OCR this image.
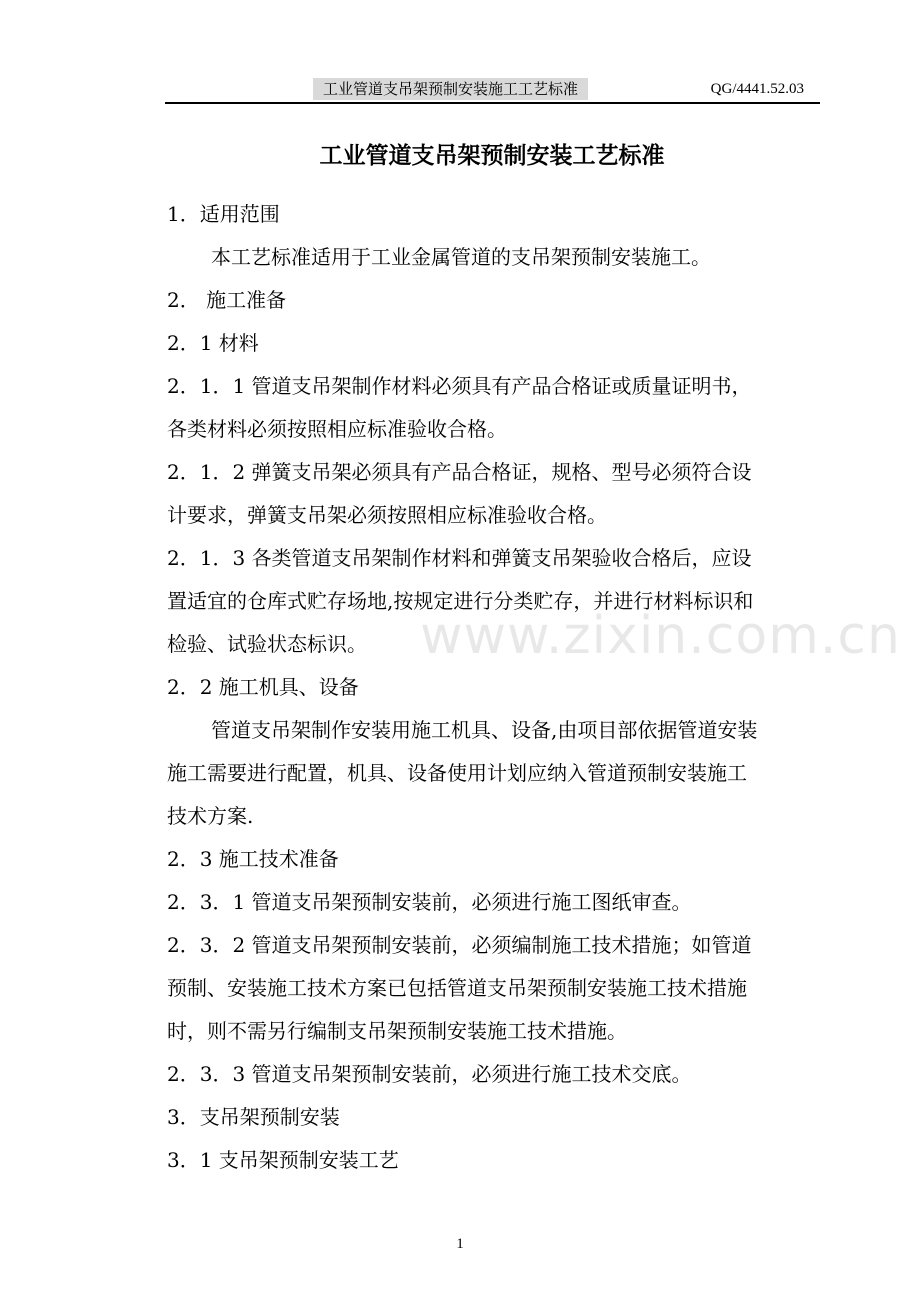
工业管道支吊架预制安装施工工艺标准	QG/4441.52.03
工业管道支吊架预制安装工艺标准

1．适用范围

本工艺标准适用于工业金属管道的支吊架预制安装施工。

2． 施工准备

2．1 材料

2．1．1 管道支吊架制作材料必须具有产品合格证或质量证明书，

各类材料必须按照相应标准验收合格。

2．1．2 弹簧支吊架必须具有产品合格证，规格、型号必须符合设

计要求，弹簧支吊架必须按照相应标准验收合格。

2．1．3 各类管道支吊架制作材料和弹簧支吊架验收合格后，应设

置适宜的仓库式贮存场地,按规定进行分类贮存，并进行材料标识和

检验、试验状态标识。

2．2 施工机具、设备

管道支吊架制作安装用施工机具、设备,由项目部依据管道安装

施工需要进行配置，机具、设备使用计划应纳入管道预制安装施工

技术方案.

2．3 施工技术准备

2．3．1 管道支吊架预制安装前，必须进行施工图纸审查。

2．3．2 管道支吊架预制安装前，必须编制施工技术措施；如管道

预制、安装施工技术方案已包括管道支吊架预制安装施工技术措施

时，则不需另行编制支吊架预制安装施工技术措施。

2．3．3 管道支吊架预制安装前，必须进行施工技术交底。

3．支吊架预制安装

3．1 支吊架预制安装工艺

www.zixin.com.cn
1
